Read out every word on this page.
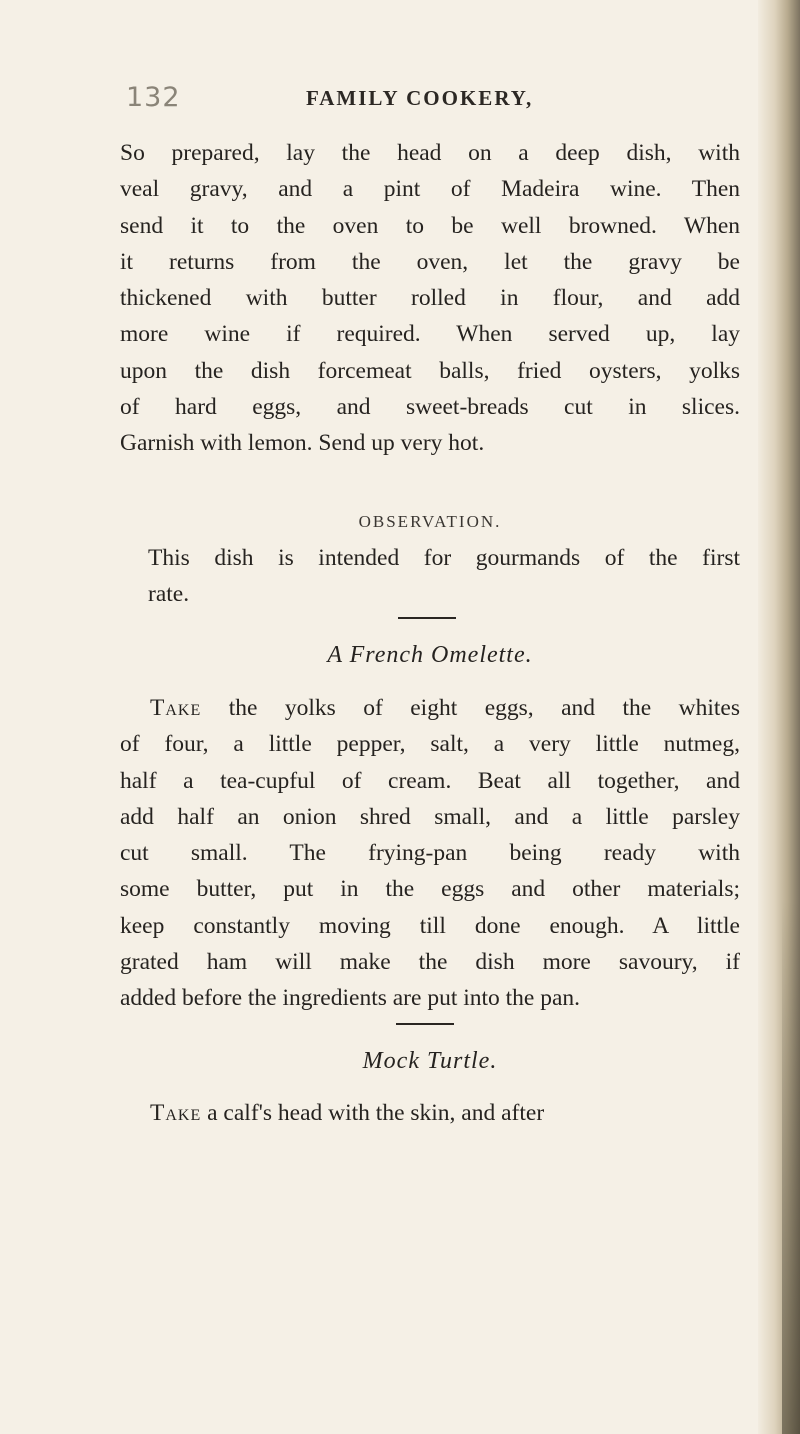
132	FAMILY COOKERY,

So prepared, lay the head on a deep dish, with
veal gravy, and a pint of Madeira wine. Then
send it to the oven to be well browned. When
it returns from the oven, let the gravy be
thickened with butter rolled in flour, and add
more wine if required. When served up, lay
upon the dish forcemeat balls, fried oysters, yolks
of hard eggs, and sweet-breads cut in slices.
Garnish with lemon. Send up very hot.

OBSERVATION.

This dish is intended for gourmands of the first
rate.

A French Omelette.

Take the yolks of eight eggs, and the whites
of four, a little pepper, salt, a very little nutmeg,
half a tea-cupful of cream. Beat all together, and
add half an onion shred small, and a little parsley
cut small. The frying-pan being ready with
some butter, put in the eggs and other materials;
keep constantly moving till done enough. A little
grated ham will make the dish more savoury, if
added before the ingredients are put into the pan.

Mock Turtle.

Take a calf's head with the skin, and after
